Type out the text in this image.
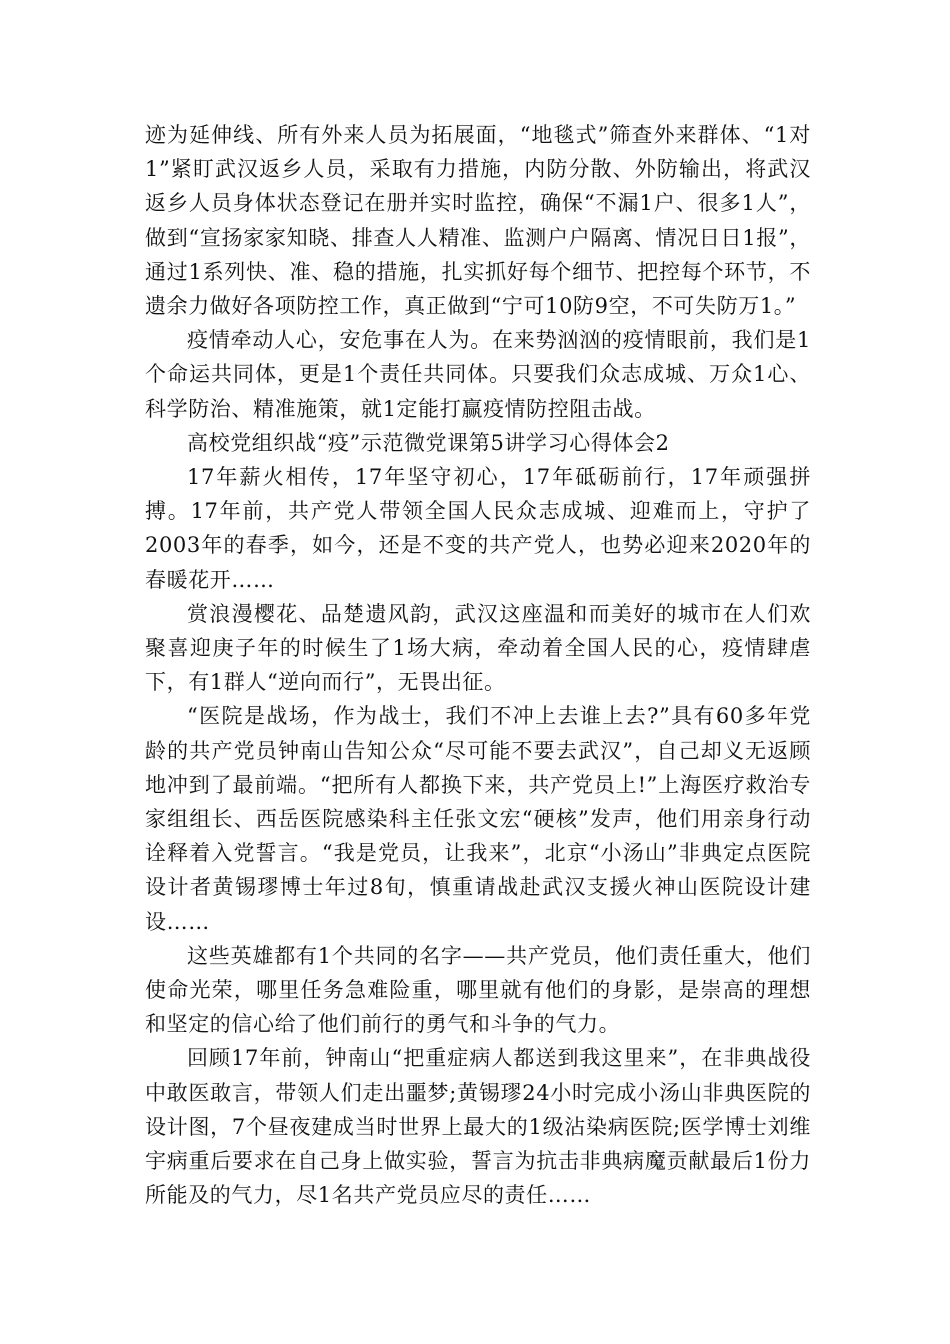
迹为延伸线、所有外来人员为拓展面，“地毯式”筛查外来群体、“1对1”紧盯武汉返乡人员，采取有力措施，内防分散、外防输出，将武汉返乡人员身体状态登记在册并实时监控，确保“不漏1户、很多1人”，做到“宣扬家家知晓、排查人人精准、监测户户隔离、情况日日1报”，通过1系列快、准、稳的措施，扎实抓好每个细节、把控每个环节，不遗余力做好各项防控工作，真正做到“宁可10防9空，不可失防万1。”

疫情牵动人心，安危事在人为。在来势汹汹的疫情眼前，我们是1个命运共同体，更是1个责任共同体。只要我们众志成城、万众1心、科学防治、精准施策，就1定能打赢疫情防控阻击战。

高校党组织战“疫”示范微党课第5讲学习心得体会2

17年薪火相传，17年坚守初心，17年砥砺前行，17年顽强拼搏。17年前，共产党人带领全国人民众志成城、迎难而上，守护了2003年的春季，如今，还是不变的共产党人，也势必迎来2020年的春暖花开……

赏浪漫樱花、品楚遗风韵，武汉这座温和而美好的城市在人们欢聚喜迎庚子年的时候生了1场大病，牵动着全国人民的心，疫情肆虐下，有1群人“逆向而行”，无畏出征。

“医院是战场，作为战士，我们不冲上去谁上去?”具有60多年党龄的共产党员钟南山告知公众“尽可能不要去武汉”，自己却义无返顾地冲到了最前端。“把所有人都换下来，共产党员上!”上海医疗救治专家组组长、西岳医院感染科主任张文宏“硬核”发声，他们用亲身行动诠释着入党誓言。“我是党员，让我来”，北京“小汤山”非典定点医院设计者黄锡璆博士年过8旬，慎重请战赴武汉支援火神山医院设计建设……

这些英雄都有1个共同的名字——共产党员，他们责任重大，他们使命光荣，哪里任务急难险重，哪里就有他们的身影，是崇高的理想和坚定的信心给了他们前行的勇气和斗争的气力。

回顾17年前，钟南山“把重症病人都送到我这里来”，在非典战役中敢医敢言，带领人们走出噩梦;黄锡璆24小时完成小汤山非典医院的设计图，7个昼夜建成当时世界上最大的1级沾染病医院;医学博士刘维宇病重后要求在自己身上做实验，誓言为抗击非典病魔贡献最后1份力所能及的气力，尽1名共产党员应尽的责任……
